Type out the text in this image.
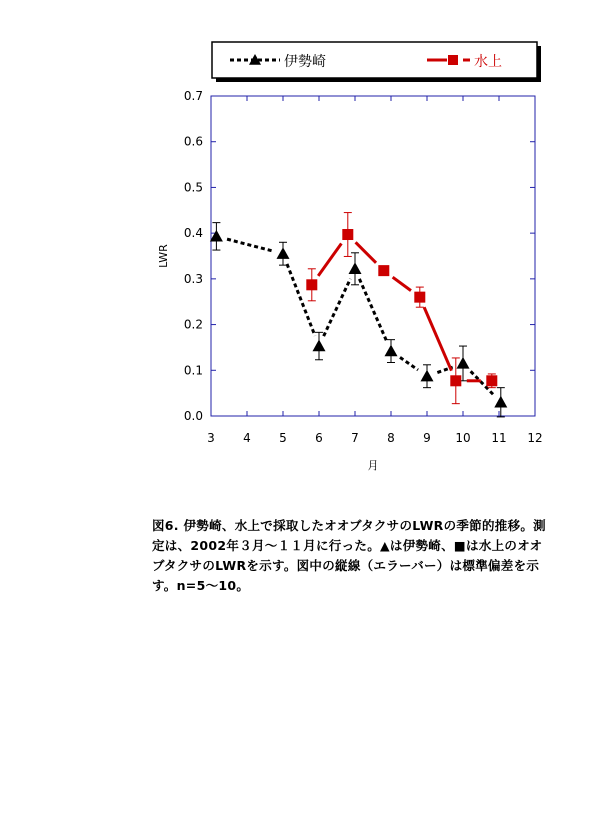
伊勢崎	水上
3 4 5 6 7 8 9 10 11 12
0.0
0.1
0.2
0.3
0.4
0.5
0.6
0.7
月
LWR
図6. 伊勢崎、水上で採取したオオブタクサのLWRの季節的推移。測定は、2002年３月～１１月に行った。▲は伊勢崎、■は水上のオオブタクサのLWRを示す。図中の縦線（エラーバー）は標準偏差を示す。n=5～10。
